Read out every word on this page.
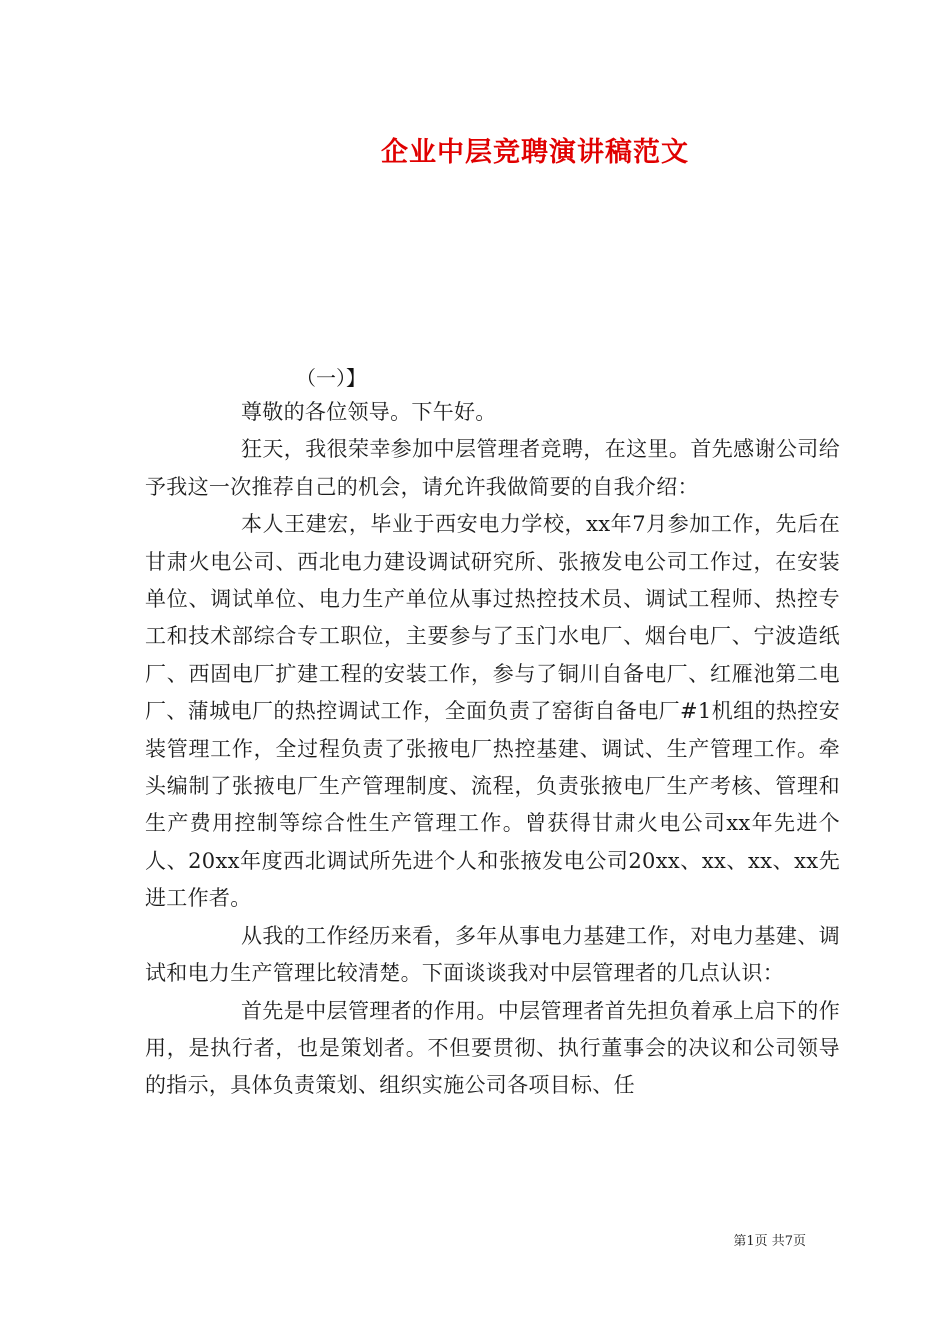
企业中层竞聘演讲稿范文
（一）】

尊敬的各位领导。下午好。

狂天，我很荣幸参加中层管理者竞聘，在这里。首先感谢公司给予我这一次推荐自己的机会，请允许我做简要的自我介绍：

本人王建宏，毕业于西安电力学校，xx年7月参加工作，先后在甘肃火电公司、西北电力建设调试研究所、张掖发电公司工作过，在安装单位、调试单位、电力生产单位从事过热控技术员、调试工程师、热控专工和技术部综合专工职位，主要参与了玉门水电厂、烟台电厂、宁波造纸厂、西固电厂扩建工程的安装工作，参与了铜川自备电厂、红雁池第二电厂、蒲城电厂的热控调试工作，全面负责了窑街自备电厂#1机组的热控安装管理工作，全过程负责了张掖电厂热控基建、调试、生产管理工作。牵头编制了张掖电厂生产管理制度、流程，负责张掖电厂生产考核、管理和生产费用控制等综合性生产管理工作。曾获得甘肃火电公司xx年先进个人、20xx年度西北调试所先进个人和张掖发电公司20xx、xx、xx、xx先进工作者。

从我的工作经历来看，多年从事电力基建工作，对电力基建、调试和电力生产管理比较清楚。下面谈谈我对中层管理者的几点认识：

首先是中层管理者的作用。中层管理者首先担负着承上启下的作用，是执行者，也是策划者。不但要贯彻、执行董事会的决议和公司领导的指示，具体负责策划、组织实施公司各项目标、任

第1页 共7页
